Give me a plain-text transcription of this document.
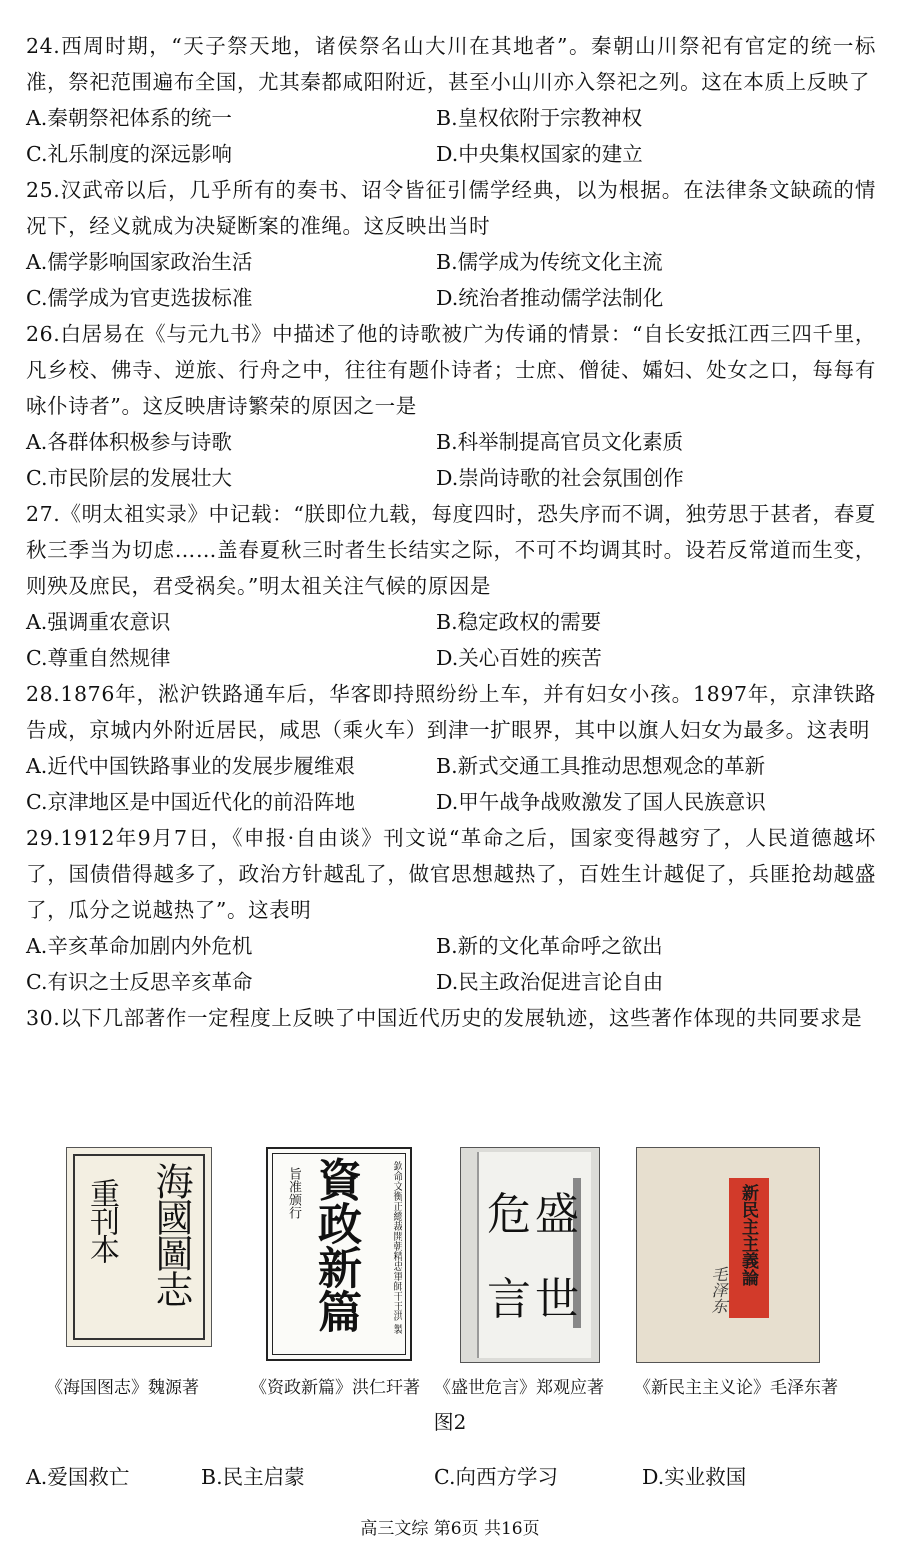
24.西周时期，“天子祭天地，诸侯祭名山大川在其地者”。秦朝山川祭祀有官定的统一标准，祭祀范围遍布全国，尤其秦都咸阳附近，甚至小山川亦入祭祀之列。这在本质上反映了
A.秦朝祭祀体系的统一	B.皇权依附于宗教神权
C.礼乐制度的深远影响	D.中央集权国家的建立
25.汉武帝以后，几乎所有的奏书、诏令皆征引儒学经典，以为根据。在法律条文缺疏的情况下，经义就成为决疑断案的准绳。这反映出当时
A.儒学影响国家政治生活	B.儒学成为传统文化主流
C.儒学成为官吏选拔标准	D.统治者推动儒学法制化
26.白居易在《与元九书》中描述了他的诗歌被广为传诵的情景：“自长安抵江西三四千里，凡乡校、佛寺、逆旅、行舟之中，往往有题仆诗者；士庶、僧徒、孀妇、处女之口，每每有咏仆诗者”。这反映唐诗繁荣的原因之一是
A.各群体积极参与诗歌	B.科举制提高官员文化素质
C.市民阶层的发展壮大	D.崇尚诗歌的社会氛围创作
27.《明太祖实录》中记载：“朕即位九载，每度四时，恐失序而不调，独劳思于甚者，春夏秋三季当为切虑……盖春夏秋三时者生长结实之际，不可不均调其时。设若反常道而生变，则殃及庶民，君受祸矣。”明太祖关注气候的原因是
A.强调重农意识	B.稳定政权的需要
C.尊重自然规律	D.关心百姓的疾苦
28.1876年，淞沪铁路通车后，华客即持照纷纷上车，并有妇女小孩。1897年，京津铁路告成，京城内外附近居民，咸思（乘火车）到津一扩眼界，其中以旗人妇女为最多。这表明
A.近代中国铁路事业的发展步履维艰	B.新式交通工具推动思想观念的革新
C.京津地区是中国近代化的前沿阵地	D.甲午战争战败激发了国人民族意识
29.1912年9月7日，《申报·自由谈》刊文说“革命之后，国家变得越穷了，人民道德越坏了，国债借得越多了，政治方针越乱了，做官思想越热了，百姓生计越促了，兵匪抢劫越盛了，瓜分之说越热了”。这表明
A.辛亥革命加剧内外危机	B.新的文化革命呼之欲出
C.有识之士反思辛亥革命	D.民主政治促进言论自由
30.以下几部著作一定程度上反映了中国近代历史的发展轨迹，这些著作体现的共同要求是
海國圖志
重刊本
《海国图志》魏源著
旨准颁行 資政新篇	欽命文衡正總裁開朝精忠軍師干王洪 製
《资政新篇》洪仁玕著
危 盛
言 世
《盛世危言》郑观应著
新民主主義論
毛泽东
《新民主主义论》毛泽东著
图2
A.爱国救亡	B.民主启蒙	C.向西方学习	D.实业救国
高三文综 第6页 共16页
